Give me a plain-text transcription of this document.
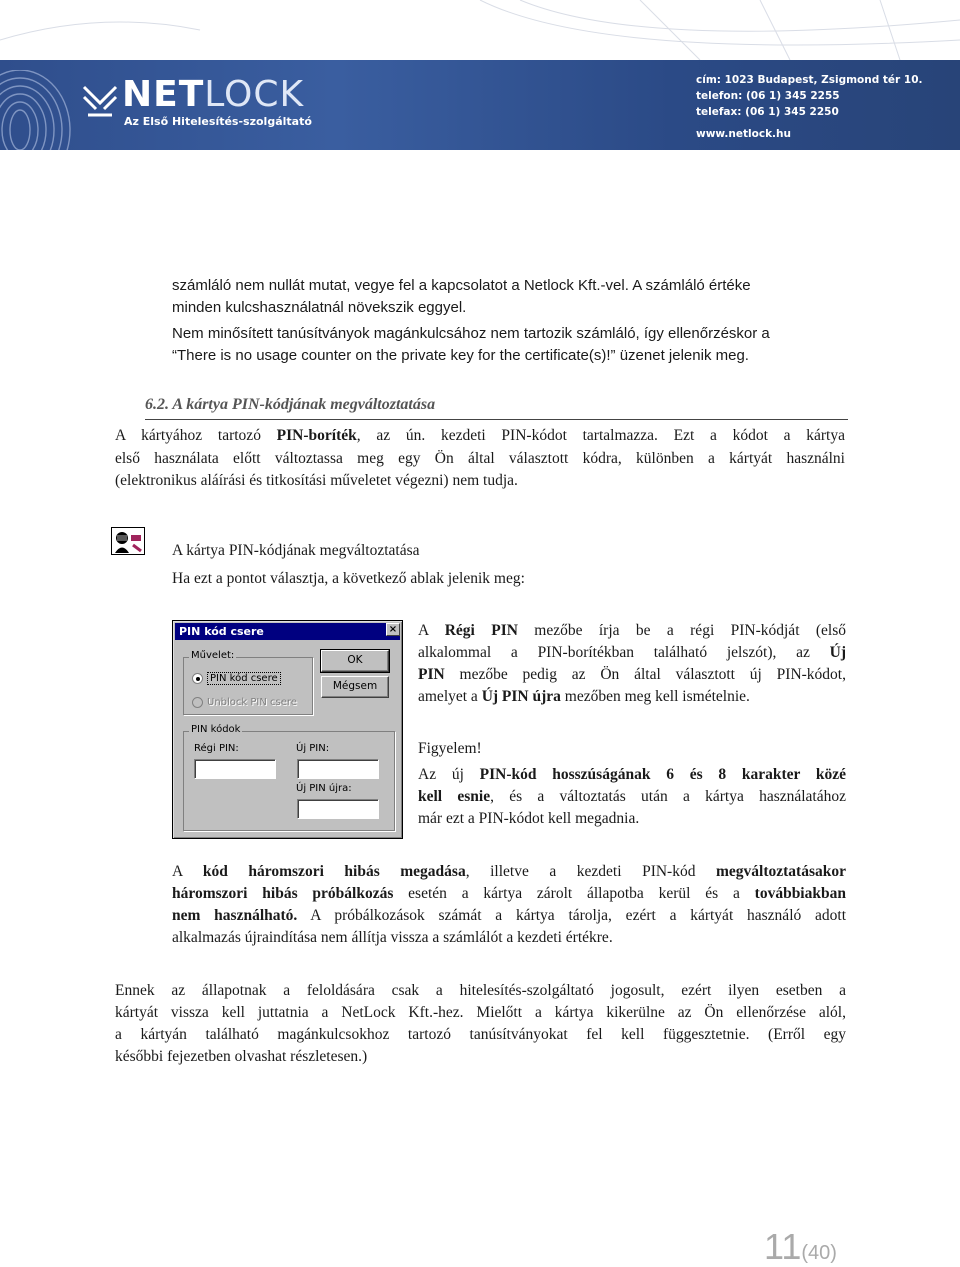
NETLOCK
Az Első Hitelesítés-szolgáltató
cím: 1023 Budapest, Zsigmond tér 10.
telefon: (06 1) 345 2255
telefax: (06 1) 345 2250
www.netlock.hu
számláló nem nullát mutat, vegye fel a kapcsolatot a Netlock Kft.-vel. A számláló értéke
minden kulcshasználatnál növekszik eggyel.
Nem minősített tanúsítványok magánkulcsához nem tartozik számláló, így ellenőrzéskor a
“There is no usage counter on the private key for the certificate(s)!” üzenet jelenik meg.
6.2. A kártya PIN-kódjának megváltoztatása
A kártyához tartozó PIN-boríték, az ún. kezdeti PIN-kódot tartalmazza. Ezt a kódot a kártya
első használata előtt változtassa meg egy Ön által választott kódra, különben a kártyát használni
(elektronikus aláírási és titkosítási műveletet végezni) nem tudja.
A kártya PIN-kódjának megváltoztatása
Ha ezt a pontot választja, a következő ablak jelenik meg:
PIN kód csere	×
Művelet:
PIN kód csere
Unblock PIN csere
OK
Mégsem
PIN kódok
Régi PIN:	Új PIN:
Új PIN újra:
A Régi PIN mezőbe írja be a régi PIN-kódját (első
alkalommal a PIN-borítékban található jelszót), az Új
PIN mezőbe pedig az Ön által választott új PIN-kódot,
amelyet a Új PIN újra mezőben meg kell ismételnie.
Figyelem!
Az új PIN-kód hosszúságának 6 és 8 karakter közé
kell esnie, és a változtatás után a kártya használatához
már ezt a PIN-kódot kell megadnia.
A kód háromszori hibás megadása, illetve a kezdeti PIN-kód megváltoztatásakor
háromszori hibás próbálkozás esetén a kártya zárolt állapotba kerül és a továbbiakban
nem használható. A próbálkozások számát a kártya tárolja, ezért a kártyát használó adott
alkalmazás újraindítása nem állítja vissza a számlálót a kezdeti értékre.
Ennek az állapotnak a feloldására csak a hitelesítés-szolgáltató jogosult, ezért ilyen esetben a
kártyát vissza kell juttatnia a NetLock Kft.-hez. Mielőtt a kártya kikerülne az Ön ellenőrzése alól,
a kártyán található magánkulcsokhoz tartozó tanúsítványokat fel kell függesztetnie. (Erről egy
későbbi fejezetben olvashat részletesen.)
11(40)
